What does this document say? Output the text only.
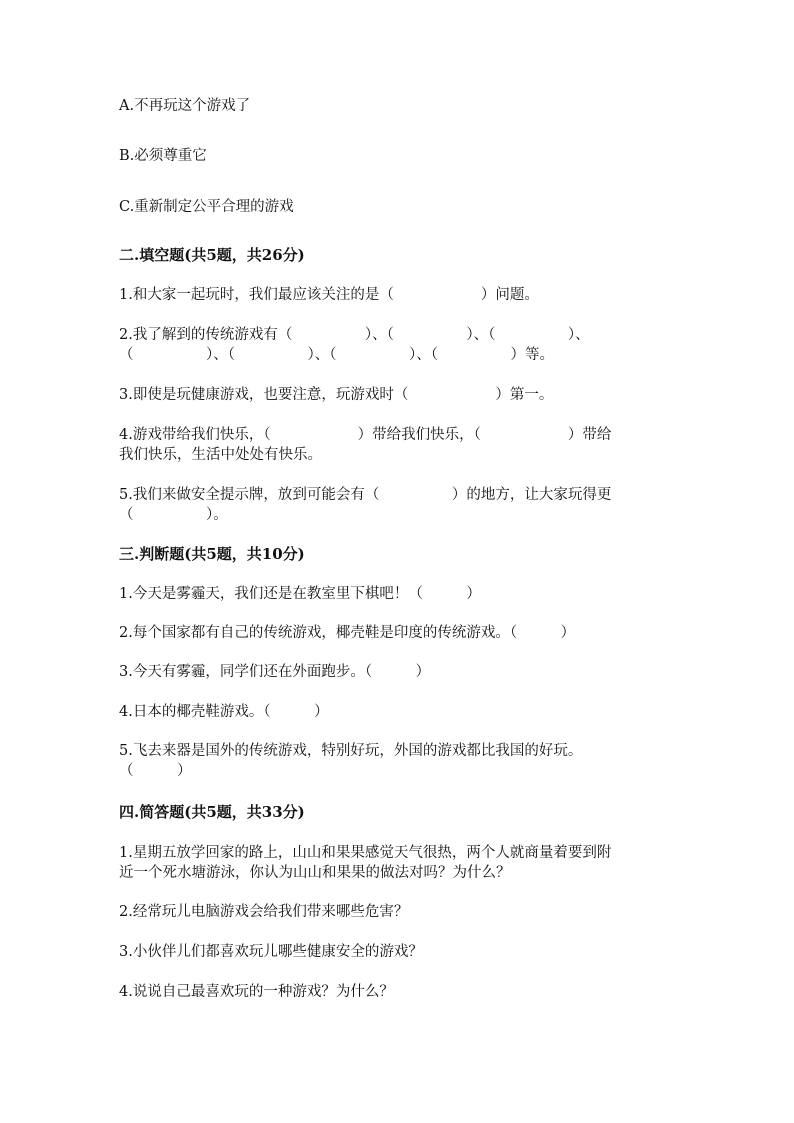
A.不再玩这个游戏了
B.必须尊重它
C.重新制定公平合理的游戏
二.填空题(共5题，共26分)
1.和大家一起玩时，我们最应该关注的是（　　　　　　）问题。
2.我了解到的传统游戏有（　　　　　）、（　　　　　）、（　　　　　）、
（　　　　　）、（　　　　　）、（　　　　　）、（　　　　　）等。
3.即使是玩健康游戏，也要注意，玩游戏时（　　　　　　）第一。
4.游戏带给我们快乐，（　　　　　　）带给我们快乐，（　　　　　　）带给
我们快乐，生活中处处有快乐。
5.我们来做安全提示牌，放到可能会有（　　　　　）的地方，让大家玩得更
（　　　　　）。
三.判断题(共5题，共10分)
1.今天是雾霾天，我们还是在教室里下棋吧！（　　　）
2.每个国家都有自己的传统游戏，椰壳鞋是印度的传统游戏。（　　　）
3.今天有雾霾，同学们还在外面跑步。（　　　）
4.日本的椰壳鞋游戏。（　　　）
5.飞去来器是国外的传统游戏，特别好玩，外国的游戏都比我国的好玩。
（　　　）
四.简答题(共5题，共33分)
1.星期五放学回家的路上，山山和果果感觉天气很热，两个人就商量着要到附
近一个死水塘游泳，你认为山山和果果的做法对吗？为什么？
2.经常玩儿电脑游戏会给我们带来哪些危害？
3.小伙伴儿们都喜欢玩儿哪些健康安全的游戏？
4.说说自己最喜欢玩的一种游戏？为什么？
